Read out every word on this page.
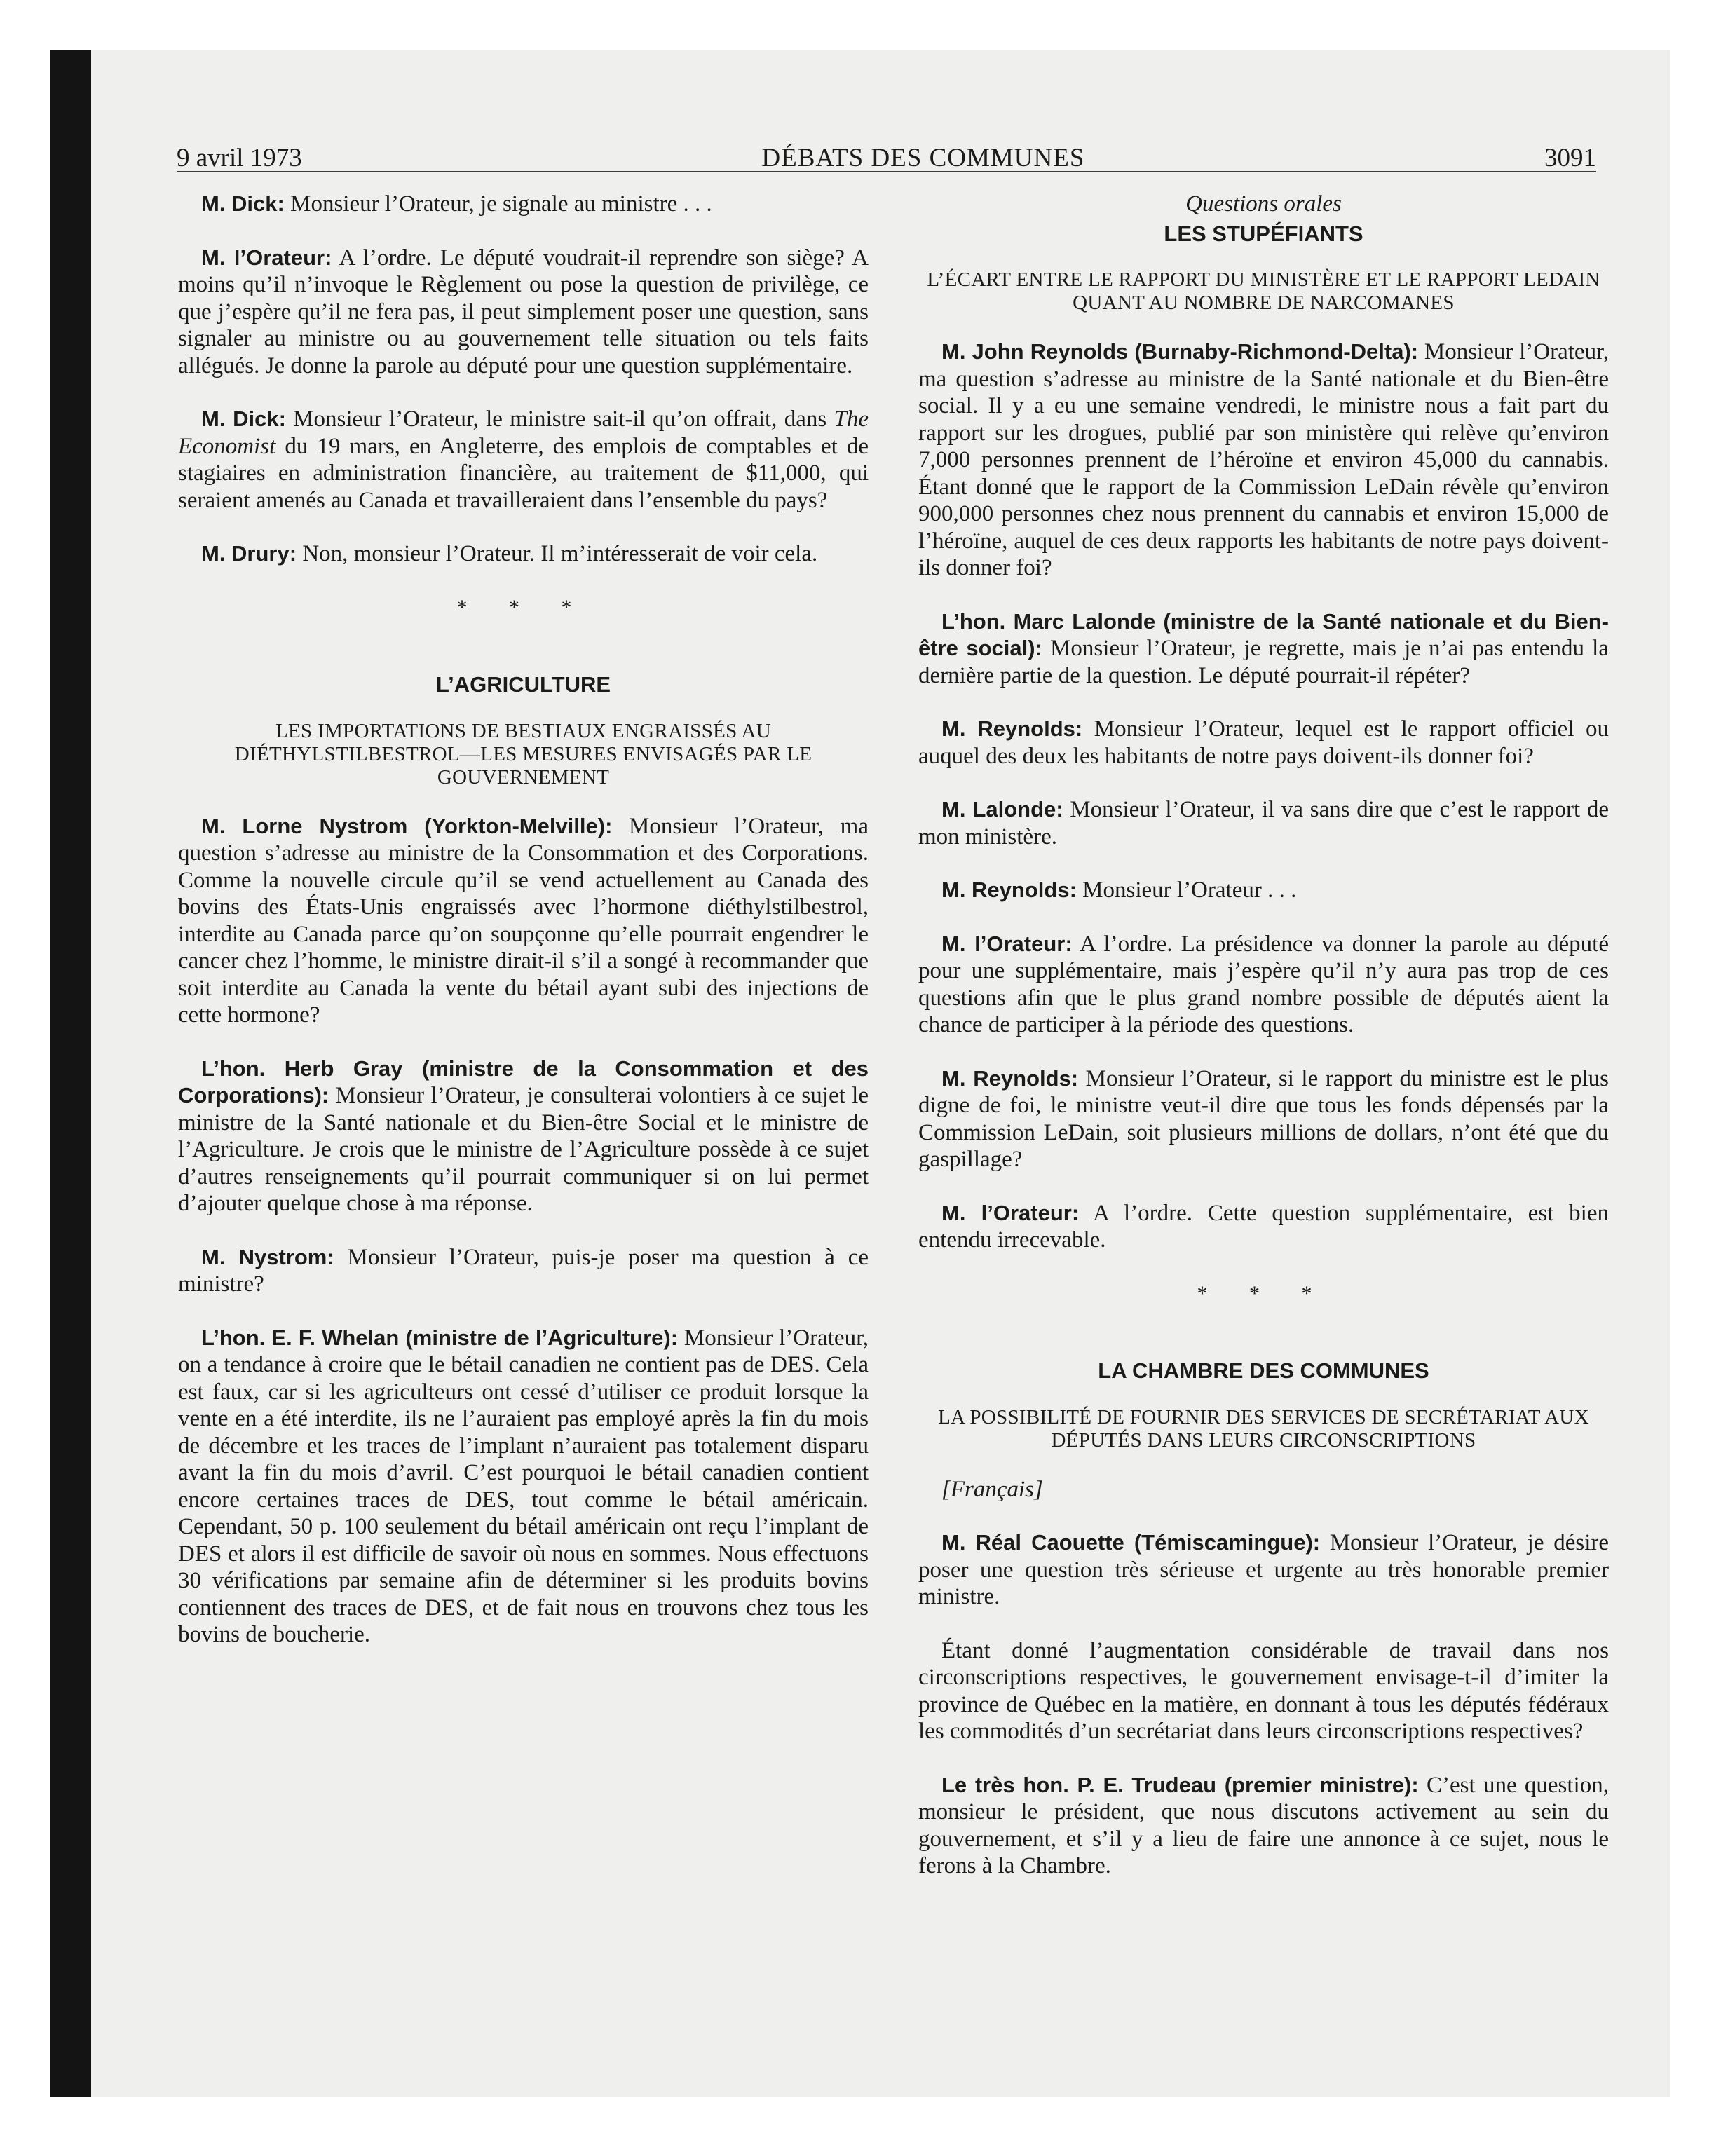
9 avril 1973	DÉBATS DES COMMUNES	3091

M. Dick: Monsieur l’Orateur, je signale au ministre . . .

M. l’Orateur: A l’ordre. Le député voudrait-il reprendre son siège? A moins qu’il n’invoque le Règlement ou pose la question de privilège, ce que j’espère qu’il ne fera pas, il peut simplement poser une question, sans signaler au ministre ou au gouvernement telle situation ou tels faits allégués. Je donne la parole au député pour une question supplémentaire.

M. Dick: Monsieur l’Orateur, le ministre sait-il qu’on offrait, dans The Economist du 19 mars, en Angleterre, des emplois de comptables et de stagiaires en administration financière, au traitement de $11,000, qui seraient amenés au Canada et travailleraient dans l’ensemble du pays?

M. Drury: Non, monsieur l’Orateur. Il m’intéresserait de voir cela.

* * *
L’AGRICULTURE
LES IMPORTATIONS DE BESTIAUX ENGRAISSÉS AU DIÉTHYLSTILBESTROL—LES MESURES ENVISAGÉS PAR LE GOUVERNEMENT

M. Lorne Nystrom (Yorkton-Melville): Monsieur l’Orateur, ma question s’adresse au ministre de la Consommation et des Corporations. Comme la nouvelle circule qu’il se vend actuellement au Canada des bovins des États-Unis engraissés avec l’hormone diéthylstilbestrol, interdite au Canada parce qu’on soupçonne qu’elle pourrait engendrer le cancer chez l’homme, le ministre dirait-il s’il a songé à recommander que soit interdite au Canada la vente du bétail ayant subi des injections de cette hormone?

L’hon. Herb Gray (ministre de la Consommation et des Corporations): Monsieur l’Orateur, je consulterai volontiers à ce sujet le ministre de la Santé nationale et du Bien-être Social et le ministre de l’Agriculture. Je crois que le ministre de l’Agriculture possède à ce sujet d’autres renseignements qu’il pourrait communiquer si on lui permet d’ajouter quelque chose à ma réponse.

M. Nystrom: Monsieur l’Orateur, puis-je poser ma question à ce ministre?

L’hon. E. F. Whelan (ministre de l’Agriculture): Monsieur l’Orateur, on a tendance à croire que le bétail canadien ne contient pas de DES. Cela est faux, car si les agriculteurs ont cessé d’utiliser ce produit lorsque la vente en a été interdite, ils ne l’auraient pas employé après la fin du mois de décembre et les traces de l’implant n’auraient pas totalement disparu avant la fin du mois d’avril. C’est pourquoi le bétail canadien contient encore certaines traces de DES, tout comme le bétail américain. Cependant, 50 p. 100 seulement du bétail américain ont reçu l’implant de DES et alors il est difficile de savoir où nous en sommes. Nous effectuons 30 vérifications par semaine afin de déterminer si les produits bovins contiennent des traces de DES, et de fait nous en trouvons chez tous les bovins de boucherie.

Questions orales
LES STUPÉFIANTS
L’ÉCART ENTRE LE RAPPORT DU MINISTÈRE ET LE RAPPORT LEDAIN QUANT AU NOMBRE DE NARCOMANES

M. John Reynolds (Burnaby-Richmond-Delta): Monsieur l’Orateur, ma question s’adresse au ministre de la Santé nationale et du Bien-être social. Il y a eu une semaine vendredi, le ministre nous a fait part du rapport sur les drogues, publié par son ministère qui relève qu’environ 7,000 personnes prennent de l’héroïne et environ 45,000 du cannabis. Étant donné que le rapport de la Commission LeDain révèle qu’environ 900,000 personnes chez nous prennent du cannabis et environ 15,000 de l’héroïne, auquel de ces deux rapports les habitants de notre pays doivent-ils donner foi?

L’hon. Marc Lalonde (ministre de la Santé nationale et du Bien-être social): Monsieur l’Orateur, je regrette, mais je n’ai pas entendu la dernière partie de la question. Le député pourrait-il répéter?

M. Reynolds: Monsieur l’Orateur, lequel est le rapport officiel ou auquel des deux les habitants de notre pays doivent-ils donner foi?

M. Lalonde: Monsieur l’Orateur, il va sans dire que c’est le rapport de mon ministère.

M. Reynolds: Monsieur l’Orateur . . .

M. l’Orateur: A l’ordre. La présidence va donner la parole au député pour une supplémentaire, mais j’espère qu’il n’y aura pas trop de ces questions afin que le plus grand nombre possible de députés aient la chance de participer à la période des questions.

M. Reynolds: Monsieur l’Orateur, si le rapport du ministre est le plus digne de foi, le ministre veut-il dire que tous les fonds dépensés par la Commission LeDain, soit plusieurs millions de dollars, n’ont été que du gaspillage?

M. l’Orateur: A l’ordre. Cette question supplémentaire, est bien entendu irrecevable.

* * *
LA CHAMBRE DES COMMUNES
LA POSSIBILITÉ DE FOURNIR DES SERVICES DE SECRÉTARIAT AUX DÉPUTÉS DANS LEURS CIRCONSCRIPTIONS

[Français]

M. Réal Caouette (Témiscamingue): Monsieur l’Orateur, je désire poser une question très sérieuse et urgente au très honorable premier ministre.

Étant donné l’augmentation considérable de travail dans nos circonscriptions respectives, le gouvernement envisage-t-il d’imiter la province de Québec en la matière, en donnant à tous les députés fédéraux les commodités d’un secrétariat dans leurs circonscriptions respectives?

Le très hon. P. E. Trudeau (premier ministre): C’est une question, monsieur le président, que nous discutons activement au sein du gouvernement, et s’il y a lieu de faire une annonce à ce sujet, nous le ferons à la Chambre.
